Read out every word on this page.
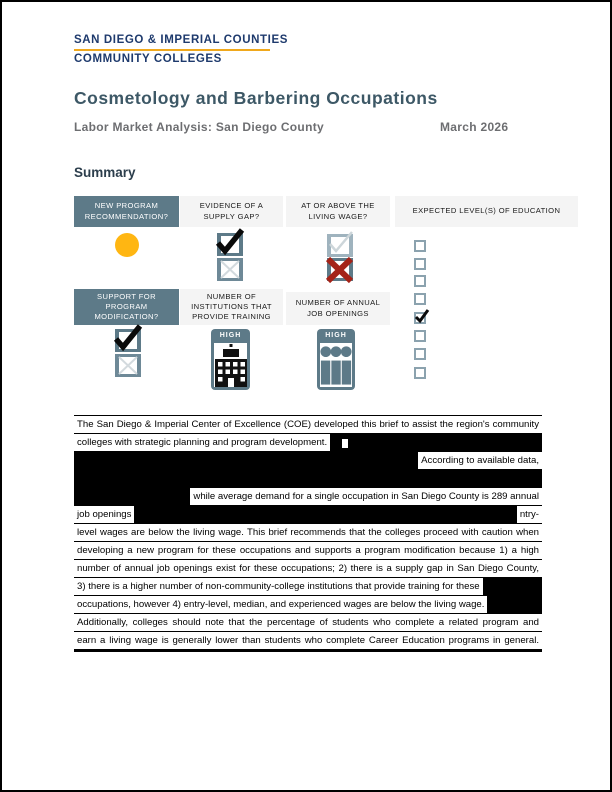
SAN DIEGO & IMPERIAL COUNTIES
COMMUNITY COLLEGES
Cosmetology and Barbering Occupations
Labor Market Analysis: San Diego County	March 2026
Summary
NEW PROGRAM RECOMMENDATION?
EVIDENCE OF A SUPPLY GAP?
AT OR ABOVE THE LIVING WAGE?
EXPECTED LEVEL(S) OF EDUCATION
SUPPORT FOR PROGRAM MODIFICATION?
NUMBER OF INSTITUTIONS THAT PROVIDE TRAINING
NUMBER OF ANNUAL JOB OPENINGS
HIGH	HIGH
The San Diego & Imperial Center of Excellence (COE) developed this brief to assist the region's community
colleges with strategic planning and program development.
According to available data,
while average demand for a single occupation in San Diego County is 289 annual
job openings	ntry-
level wages are below the living wage. This brief recommends that the colleges proceed with caution when
developing a new program for these occupations and supports a program modification because 1) a high
number of annual job openings exist for these occupations; 2) there is a supply gap in San Diego County,
3) there is a higher number of non-community-college institutions that provide training for these
occupations, however 4) entry-level, median, and experienced wages are below the living wage.
Additionally, colleges should note that the percentage of students who complete a related program and
earn a living wage is generally lower than students who complete Career Education programs in general.
